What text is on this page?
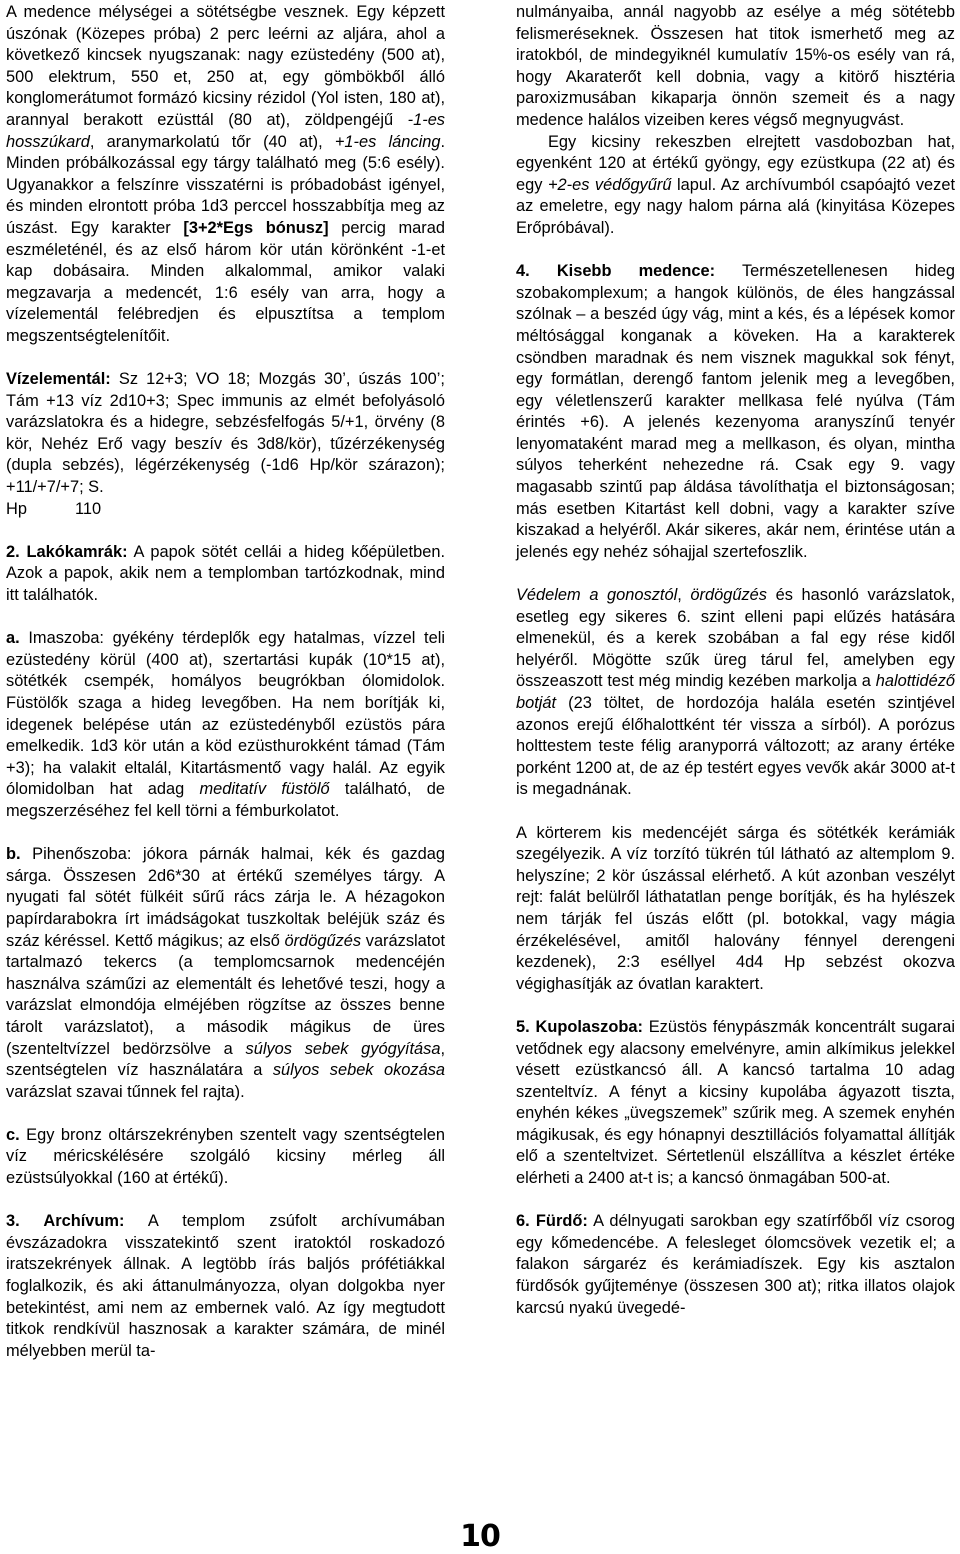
A medence mélységei a sötétségbe vesznek. Egy képzett úszónak (Közepes próba) 2 perc leérni az aljára, ahol a következő kincsek nyugszanak: nagy ezüstedény (500 at), 500 elektrum, 550 et, 250 at, egy gömbökből álló konglomerátumot formázó kicsiny rézidol (Yol isten, 180 at), arannyal berakott ezüsttál (80 at), zöldpengéjű -1-es hosszúkard, aranymarkolatú tőr (40 at), +1-es láncing. Minden próbálkozással egy tárgy található meg (5:6 esély). Ugyanakkor a felszínre visszatérni is próbadobást igényel, és minden elrontott próba 1d3 perccel hosszabbítja meg az úszást. Egy karakter [3+2*Egs bónusz] percig marad eszméleténél, és az első három kör után körönként -1-et kap dobásaira. Minden alkalommal, amikor valaki megzavarja a medencét, 1:6 esély van arra, hogy a vízelementál felébredjen és elpusztítsa a templom megszentségtelenítőit.

Vízelementál: Sz 12+3; VO 18; Mozgás 30’, úszás 100’; Tám +13 víz 2d10+3; Spec immunis az elmét befolyásoló varázslatokra és a hidegre, sebzésfelfogás 5/+1, örvény (8 kör, Nehéz Erő vagy beszív és 3d8/kör), tűzérzékenység (dupla sebzés), légérzékenység (-1d6 Hp/kör szárazon); +11/+7/+7; S.
Hp	110

2. Lakókamrák: A papok sötét cellái a hideg kőépületben. Azok a papok, akik nem a templomban tartózkodnak, mind itt találhatók.

a. Imaszoba: gyékény térdeplők egy hatalmas, vízzel teli ezüstedény körül (400 at), szertartási kupák (10*15 at), sötétkék csempék, homályos beugrókban ólomidolok. Füstölők szaga a hideg levegőben. Ha nem borítják ki, idegenek belépése után az ezüstedényből ezüstös pára emelkedik. 1d3 kör után a köd ezüsthurokként támad (Tám +3); ha valakit eltalál, Kitartásmentő vagy halál. Az egyik ólomidolban hat adag meditatív füstölő található, de megszerzéséhez fel kell törni a fémburkolatot.

b. Pihenőszoba: jókora párnák halmai, kék és gazdag sárga. Összesen 2d6*30 at értékű személyes tárgy. A nyugati fal sötét fülkéit sűrű rács zárja le. A hézagokon papírdarabokra írt imádságokat tuszkoltak beléjük száz és száz kéréssel. Kettő mágikus; az első ördögűzés varázslatot tartalmazó tekercs (a templomcsarnok medencéjén használva száműzi az elementált és lehetővé teszi, hogy a varázslat elmondója elméjében rögzítse az összes benne tárolt varázslatot), a második mágikus de üres (szenteltvízzel bedörzsölve a súlyos sebek gyógyítása, szentségtelen víz használatára a súlyos sebek okozása varázslat szavai tűnnek fel rajta).

c. Egy bronz oltárszekrényben szentelt vagy szentségtelen víz méricskélésére szolgáló kicsiny mérleg áll ezüstsúlyokkal (160 at értékű).

3. Archívum: A templom zsúfolt archívumában évszázadokra visszatekintő szent iratoktól roskadozó iratszekrények állnak. A legtöbb írás baljós prófétiákkal foglalkozik, és aki áttanulmányozza, olyan dolgokba nyer betekintést, ami nem az embernek való. Az így megtudott titkok rendkívül hasznosak a karakter számára, de minél mélyebben merül ta-

nulmányaiba, annál nagyobb az esélye a még sötétebb felismeréseknek. Összesen hat titok ismerhető meg az iratokból, de mindegyiknél kumulatív 15%-os esély van rá, hogy Akaraterőt kell dobnia, vagy a kitörő hisztéria paroxizmusában kikaparja önnön szemeit és a nagy medence halálos vizeiben keres végső megnyugvást.

Egy kicsiny rekeszben elrejtett vasdobozban hat, egyenként 120 at értékű gyöngy, egy ezüstkupa (22 at) és egy +2-es védőgyűrű lapul. Az archívumból csapóajtó vezet az emeletre, egy nagy halom párna alá (kinyitása Közepes Erőpróbával).

4. Kisebb medence: Természetellenesen hideg szobakomplexum; a hangok különös, de éles hangzással szólnak – a beszéd úgy vág, mint a kés, és a lépések komor méltósággal konganak a köveken. Ha a karakterek csöndben maradnak és nem visznek magukkal sok fényt, egy formátlan, derengő fantom jelenik meg a levegőben, egy véletlenszerű karakter mellkasa felé nyúlva (Tám érintés +6). A jelenés kezenyoma aranyszínű tenyér lenyomataként marad meg a mellkason, és olyan, mintha súlyos teherként nehezedne rá. Csak egy 9. vagy magasabb szintű pap áldása távolíthatja el biztonságosan; más esetben Kitartást kell dobni, vagy a karakter szíve kiszakad a helyéről. Akár sikeres, akár nem, érintése után a jelenés egy nehéz sóhajjal szertefoszlik.

Védelem a gonosztól, ördögűzés és hasonló varázslatok, esetleg egy sikeres 6. szint elleni papi elűzés hatására elmenekül, és a kerek szobában a fal egy rése kidől helyéről. Mögötte szűk üreg tárul fel, amelyben egy összeaszott test még mindig kezében markolja a halottidéző botját (23 töltet, de hordozója halála esetén szintjével azonos erejű élőhalottként tér vissza a sírból). A porózus holttestem teste félig aranyporrá változott; az arany értéke porként 1200 at, de az ép testért egyes vevők akár 3000 at-t is megadnának.

A körterem kis medencéjét sárga és sötétkék kerámiák szegélyezik. A víz torzító tükrén túl látható az altemplom 9. helyszíne; 2 kör úszással elérhető. A kút azonban veszélyt rejt: falát belülről láthatatlan penge borítják, és ha hylészek nem tárják fel úszás előtt (pl. botokkal, vagy mágia érzékelésével, amitől halovány fénnyel derengeni kezdenek), 2:3 eséllyel 4d4 Hp sebzést okozva végighasítják az óvatlan karaktert.

5. Kupolaszoba: Ezüstös fénypászmák koncentrált sugarai vetődnek egy alacsony emelvényre, amin alkímikus jelekkel vésett ezüstkancsó áll. A kancsó tartalma 10 adag szenteltvíz. A fényt a kicsiny kupolába ágyazott tiszta, enyhén kékes „üvegszemek” szűrik meg. A szemek enyhén mágikusak, és egy hónapnyi desztillációs folyamattal állítják elő a szenteltvizet. Sértetlenül elszállítva a készlet értéke elérheti a 2400 at-t is; a kancsó önmagában 500-at.

6. Fürdő: A délnyugati sarokban egy szatírfőből víz csorog egy kőmedencébe. A felesleget ólomcsövek vezetik el; a falakon sárgaréz és kerámiadíszek. Egy kis asztalon fürdősók gyűjteménye (összesen 300 at); ritka illatos olajok karcsú nyakú üvegedé-

10
